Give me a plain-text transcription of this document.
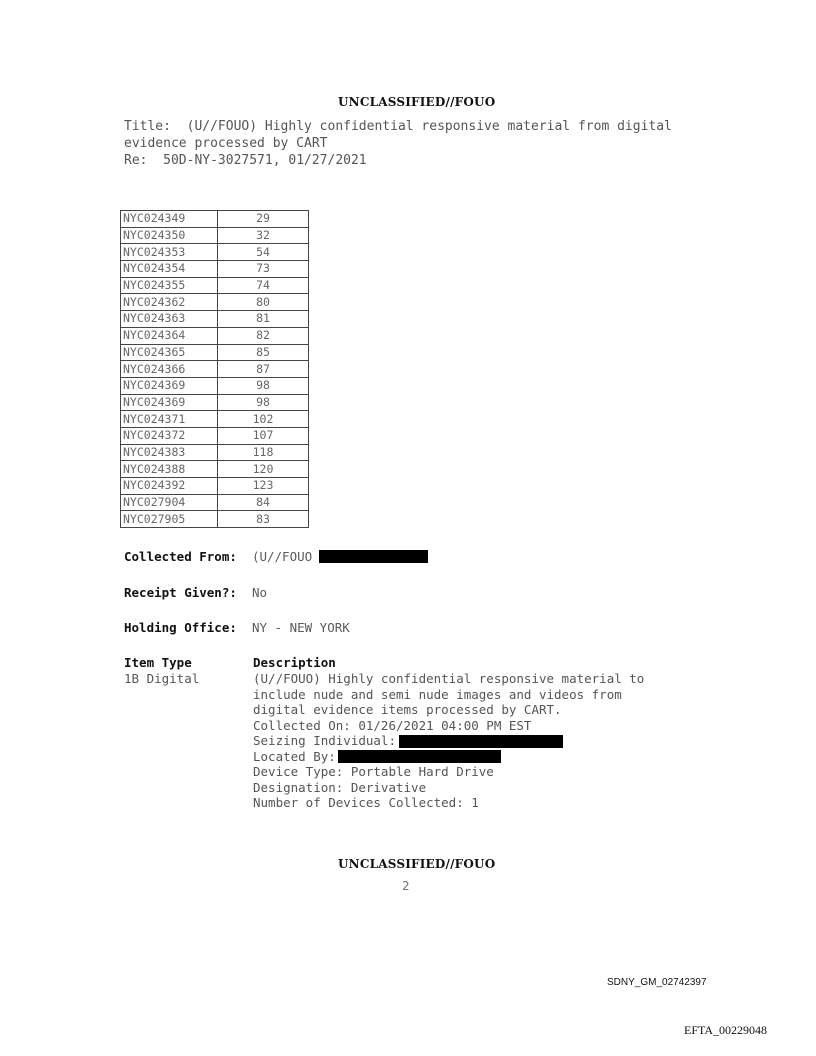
UNCLASSIFIED//FOUO
Title: (U//FOUO) Highly confidential responsive material from digital
evidence processed by CART
Re: 50D-NY-3027571, 01/27/2021
NYC024349	29
NYC024350	32
NYC024353	54
NYC024354	73
NYC024355	74
NYC024362	80
NYC024363	81
NYC024364	82
NYC024365	85
NYC024366	87
NYC024369	98
NYC024369	98
NYC024371	102
NYC024372	107
NYC024383	118
NYC024388	120
NYC024392	123
NYC027904	84
NYC027905	83
Collected From: (U//FOUO
Receipt Given?: No
Holding Office: NY - NEW YORK
Item Type	Description
1B Digital	(U//FOUO) Highly confidential responsive material to
include nude and semi nude images and videos from
digital evidence items processed by CART.
Collected On: 01/26/2021 04:00 PM EST
Seizing Individual:
Located By:
Device Type: Portable Hard Drive
Designation: Derivative
Number of Devices Collected: 1
UNCLASSIFIED//FOUO
2
SDNY_GM_02742397
EFTA_00229048
